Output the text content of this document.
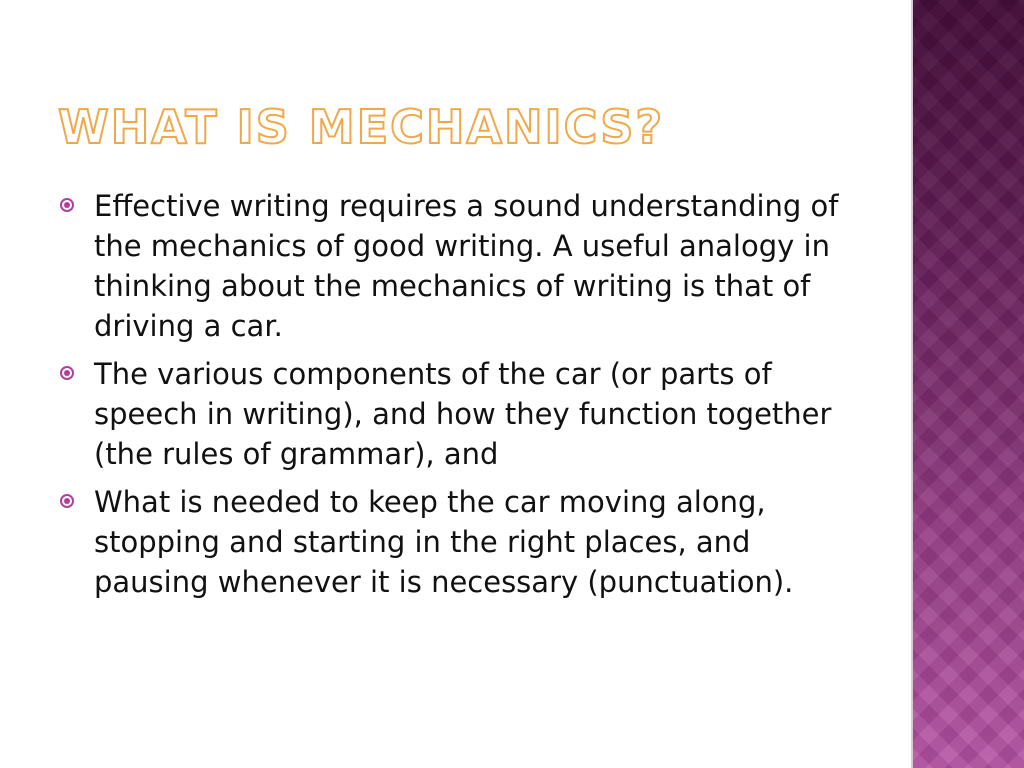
WHAT IS MECHANICS?
Effective writing requires a sound understanding of the mechanics of good writing. A useful analogy in thinking about the mechanics of writing is that of driving a car.
The various components of the car (or parts of speech in writing), and how they function together (the rules of grammar), and
What is needed to keep the car moving along, stopping and starting in the right places, and pausing whenever it is necessary (punctuation).
